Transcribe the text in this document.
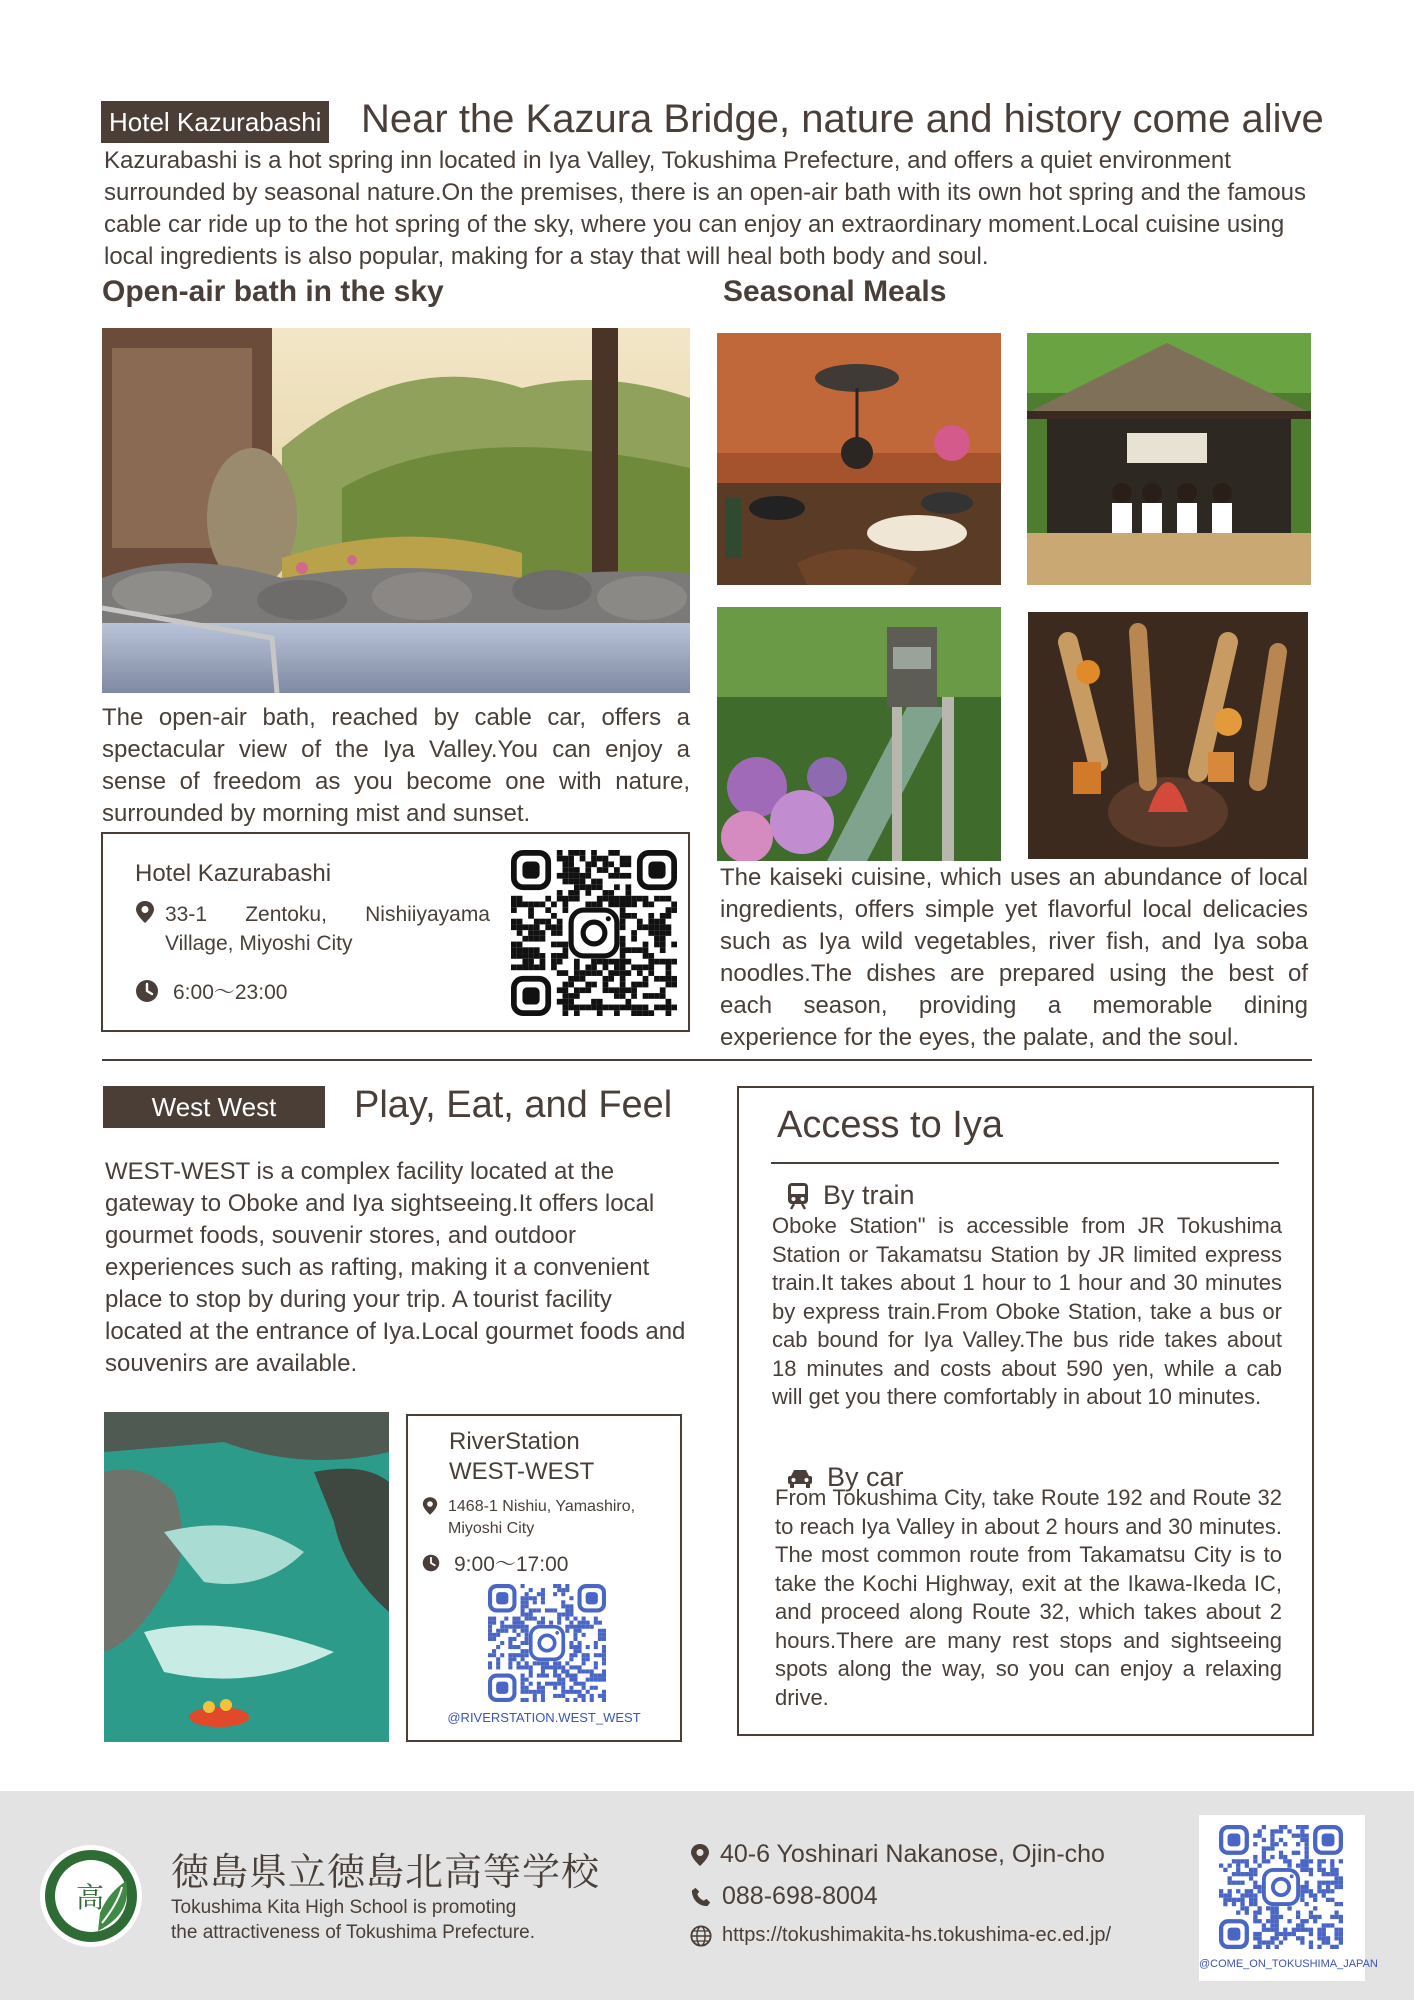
Hotel Kazurabashi Near the Kazura Bridge, nature and history come alive

Kazurabashi is a hot spring inn located in Iya Valley, Tokushima Prefecture, and offers a quiet environment surrounded by seasonal nature.On the premises, there is an open-air bath with its own hot spring and the famous cable car ride up to the hot spring of the sky, where you can enjoy an extraordinary moment.Local cuisine using local ingredients is also popular, making for a stay that will heal both body and soul.

Open-air bath in the sky	Seasonal Meals

The open-air bath, reached by cable car, offers a spectacular view of the Iya Valley.You can enjoy a sense of freedom as you become one with nature, surrounded by morning mist and sunset.

The kaiseki cuisine, which uses an abundance of local ingredients, offers simple yet flavorful local delicacies such as Iya wild vegetables, river fish, and Iya soba noodles.The dishes are prepared using the best of each season, providing a memorable dining experience for the eyes, the palate, and the soul.

Hotel Kazurabashi
33-1 Zentoku, Nishiiyayama Village, Miyoshi City
6:00〜23:00
West West	Play, Eat, and Feel

WEST-WEST is a complex facility located at the gateway to Oboke and Iya sightseeing.It offers local gourmet foods, souvenir stores, and outdoor experiences such as rafting, making it a convenient place to stop by during your trip. A tourist facility located at the entrance of Iya.Local gourmet foods and souvenirs are available.

RiverStation
WEST-WEST
1468-1 Nishiu, Yamashiro, Miyoshi City
9:00〜17:00
@RIVERSTATION.WEST_WEST
Access to Iya
By train

Oboke Station" is accessible from JR Tokushima Station or Takamatsu Station by JR limited express train.It takes about 1 hour to 1 hour and 30 minutes by express train.From Oboke Station, take a bus or cab bound for Iya Valley.The bus ride takes about 18 minutes and costs about 590 yen, while a cab will get you there comfortably in about 10 minutes.

By car

From Tokushima City, take Route 192 and Route 32 to reach Iya Valley in about 2 hours and 30 minutes. The most common route from Takamatsu City is to take the Kochi Highway, exit at the Ikawa-Ikeda IC, and proceed along Route 32, which takes about 2 hours.There are many rest stops and sightseeing spots along the way, so you can enjoy a relaxing drive.

高
徳島県立徳島北高等学校
Tokushima Kita High School is promoting
the attractiveness of Tokushima Prefecture.
40-6 Yoshinari Nakanose, Ojin-cho
088-698-8004
https://tokushimakita-hs.tokushima-ec.ed.jp/
@COME_ON_TOKUSHIMA_JAPAN
